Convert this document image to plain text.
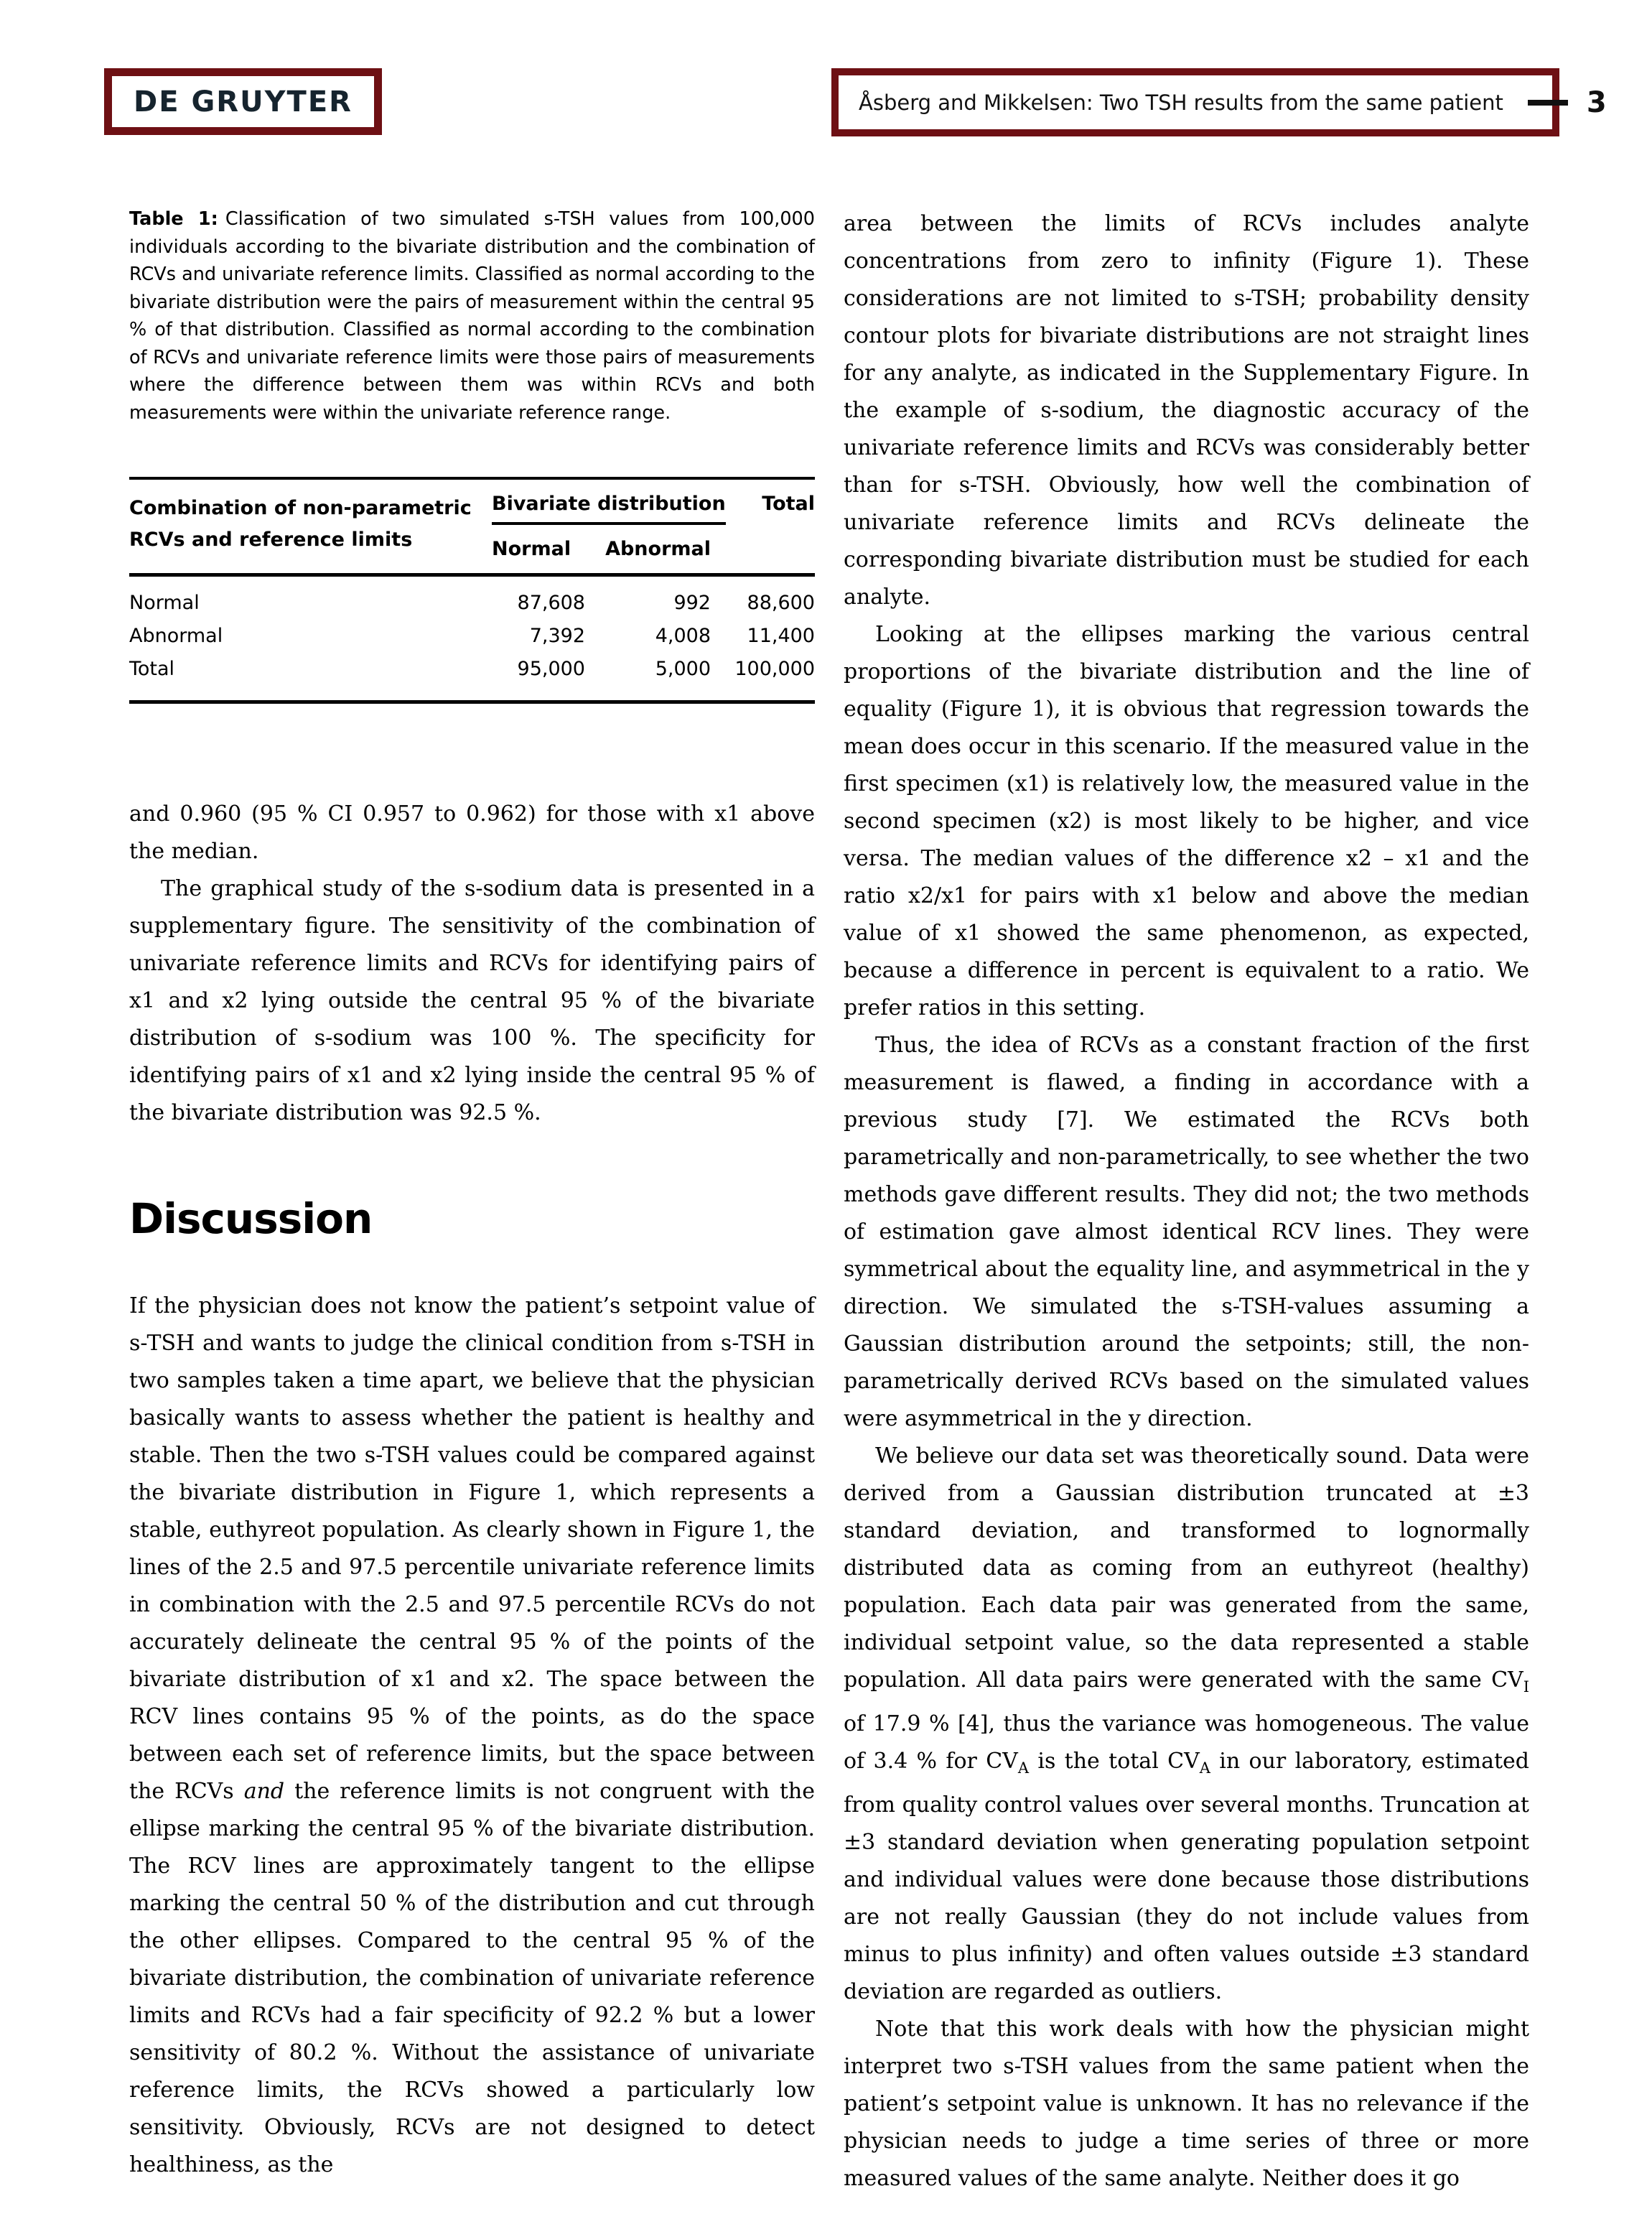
DE GRUYTER	Åsberg and Mikkelsen: Two TSH results from the same patient	3
Table 1: Classification of two simulated s-TSH values from 100,000 individuals according to the bivariate distribution and the combination of RCVs and univariate reference limits. Classified as normal according to the bivariate distribution were the pairs of measurement within the central 95 % of that distribution. Classified as normal according to the combination of RCVs and univariate reference limits were those pairs of measurements where the difference between them was within RCVs and both measurements were within the univariate reference range.
Combination of non-parametric RCVs and reference limits
Bivariate distribution	Total
Normal	Abnormal
Normal	87,608	992	88,600
Abnormal	7,392	4,008	11,400
Total	95,000	5,000	100,000

and 0.960 (95 % CI 0.957 to 0.962) for those with x1 above the median.

The graphical study of the s-sodium data is presented in a supplementary figure. The sensitivity of the combination of univariate reference limits and RCVs for identifying pairs of x1 and x2 lying outside the central 95 % of the bivariate distribution of s-sodium was 100 %. The specificity for identifying pairs of x1 and x2 lying inside the central 95 % of the bivariate distribution was 92.5 %.

Discussion

If the physician does not know the patient’s setpoint value of s-TSH and wants to judge the clinical condition from s-TSH in two samples taken a time apart, we believe that the physician basically wants to assess whether the patient is healthy and stable. Then the two s-TSH values could be compared against the bivariate distribution in Figure 1, which represents a stable, euthyreot population. As clearly shown in Figure 1, the lines of the 2.5 and 97.5 percentile univariate reference limits in combination with the 2.5 and 97.5 percentile RCVs do not accurately delineate the central 95 % of the points of the bivariate distribution of x1 and x2. The space between the RCV lines contains 95 % of the points, as do the space between each set of reference limits, but the space between the RCVs and the reference limits is not congruent with the ellipse marking the central 95 % of the bivariate distribution. The RCV lines are approximately tangent to the ellipse marking the central 50 % of the distribution and cut through the other ellipses. Compared to the central 95 % of the bivariate distribution, the combination of univariate reference limits and RCVs had a fair specificity of 92.2 % but a lower sensitivity of 80.2 %. Without the assistance of univariate reference limits, the RCVs showed a particularly low sensitivity. Obviously, RCVs are not designed to detect healthiness, as the

area between the limits of RCVs includes analyte concentrations from zero to infinity (Figure 1). These considerations are not limited to s-TSH; probability density contour plots for bivariate distributions are not straight lines for any analyte, as indicated in the Supplementary Figure. In the example of s-sodium, the diagnostic accuracy of the univariate reference limits and RCVs was considerably better than for s-TSH. Obviously, how well the combination of univariate reference limits and RCVs delineate the corresponding bivariate distribution must be studied for each analyte.

Looking at the ellipses marking the various central proportions of the bivariate distribution and the line of equality (Figure 1), it is obvious that regression towards the mean does occur in this scenario. If the measured value in the first specimen (x1) is relatively low, the measured value in the second specimen (x2) is most likely to be higher, and vice versa. The median values of the difference x2 – x1 and the ratio x2/x1 for pairs with x1 below and above the median value of x1 showed the same phenomenon, as expected, because a difference in percent is equivalent to a ratio. We prefer ratios in this setting.

Thus, the idea of RCVs as a constant fraction of the first measurement is flawed, a finding in accordance with a previous study [7]. We estimated the RCVs both parametrically and non-parametrically, to see whether the two methods gave different results. They did not; the two methods of estimation gave almost identical RCV lines. They were symmetrical about the equality line, and asymmetrical in the y direction. We simulated the s-TSH-values assuming a Gaussian distribution around the setpoints; still, the non-parametrically derived RCVs based on the simulated values were asymmetrical in the y direction.

We believe our data set was theoretically sound. Data were derived from a Gaussian distribution truncated at ±3 standard deviation, and transformed to lognormally distributed data as coming from an euthyreot (healthy) population. Each data pair was generated from the same, individual setpoint value, so the data represented a stable population. All data pairs were generated with the same $CV_I$ of 17.9 % [4], thus the variance was homogeneous. The value of 3.4 % for $CV_A$ is the total $CV_A$ in our laboratory, estimated from quality control values over several months. Truncation at ±3 standard deviation when generating population setpoint and individual values were done because those distributions are not really Gaussian (they do not include values from minus to plus infinity) and often values outside ±3 standard deviation are regarded as outliers.

Note that this work deals with how the physician might interpret two s-TSH values from the same patient when the patient’s setpoint value is unknown. It has no relevance if the physician needs to judge a time series of three or more measured values of the same analyte. Neither does it go
